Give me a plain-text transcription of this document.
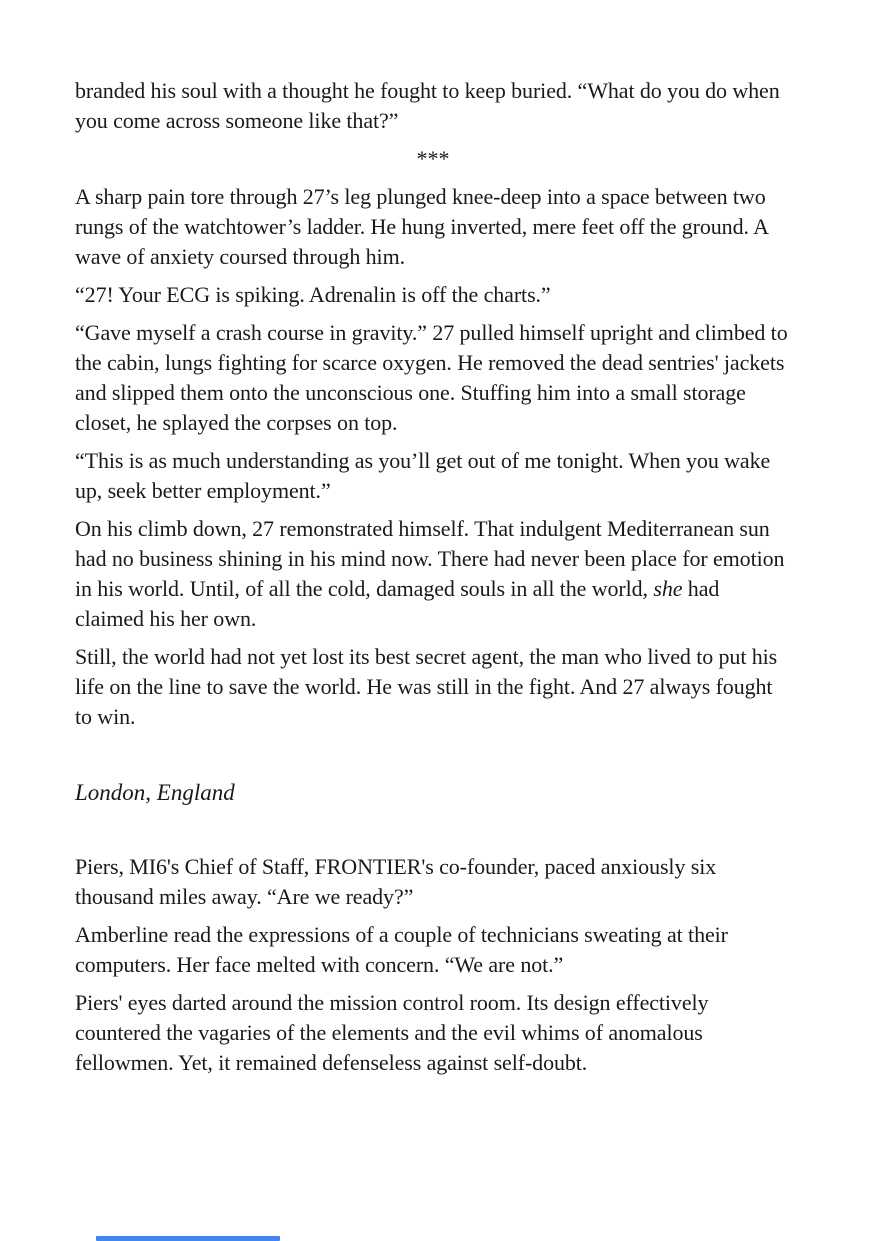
branded his soul with a thought he fought to keep buried. “What do you do when you come across someone like that?”

***

A sharp pain tore through 27’s leg plunged knee-deep into a space between two rungs of the watchtower’s ladder. He hung inverted, mere feet off the ground. A wave of anxiety coursed through him.

“27! Your ECG is spiking. Adrenalin is off the charts.”

“Gave myself a crash course in gravity.” 27 pulled himself upright and climbed to the cabin, lungs fighting for scarce oxygen. He removed the dead sentries' jackets and slipped them onto the unconscious one. Stuffing him into a small storage closet, he splayed the corpses on top.

“This is as much understanding as you’ll get out of me tonight. When you wake up, seek better employment.”

On his climb down, 27 remonstrated himself. That indulgent Mediterranean sun had no business shining in his mind now. There had never been place for emotion in his world. Until, of all the cold, damaged souls in all the world, she had claimed his her own.

Still, the world had not yet lost its best secret agent, the man who lived to put his life on the line to save the world. He was still in the fight. And 27 always fought to win.

London, England

Piers, MI6's Chief of Staff, FRONTIER's co-founder, paced anxiously six thousand miles away. “Are we ready?”

Amberline read the expressions of a couple of technicians sweating at their computers. Her face melted with concern. “We are not.”

Piers' eyes darted around the mission control room. Its design effectively countered the vagaries of the elements and the evil whims of anomalous fellowmen. Yet, it remained defenseless against self-doubt.
